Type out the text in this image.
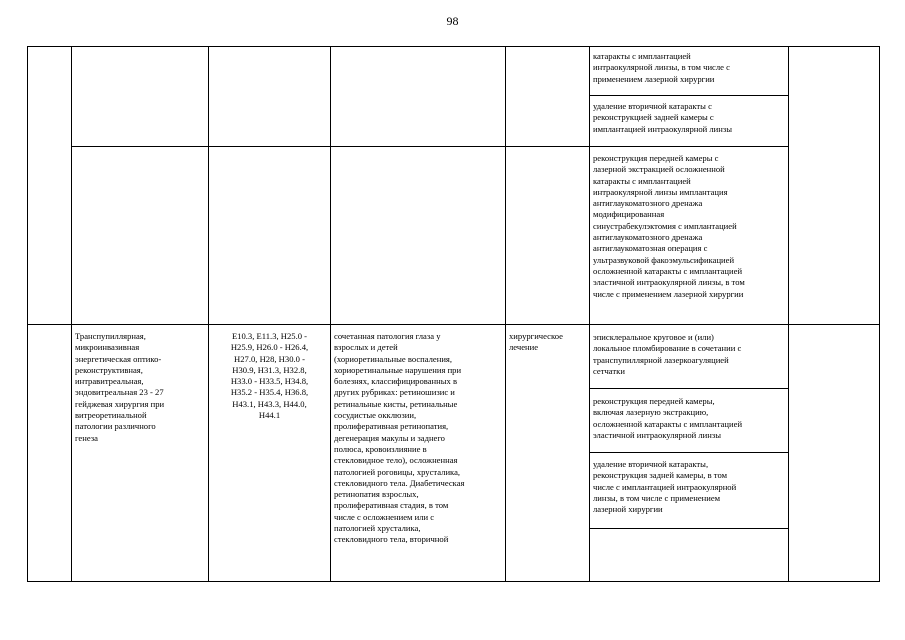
98
катаракты с имплантацией
интраокулярной линзы, в том числе с
применением лазерной хирургии
удаление вторичной катаракты с
реконструкцией задней камеры с
имплантацией интраокулярной линзы
реконструкция передней камеры с
лазерной экстракцией осложненной
катаракты с имплантацией
интраокулярной линзы имплантация
антиглаукоматозного дренажа
модифицированная
синустрабекулэктомия с имплантацией
антиглаукоматозного дренажа
антиглаукоматозная операция с
ультразвуковой факоэмульсификацией
осложненной катаракты с имплантацией
эластичной интраокулярной линзы, в том
числе с применением лазерной хирургии
Транспупиллярная,
микроинвазивная
энергетическая оптико-
реконструктивная,
интравитреальная,
эндовитреальная 23 - 27
гейджевая хирургия при
витреоретинальной
патологии различного
генеза
E10.3, E11.3, H25.0 -
H25.9, H26.0 - H26.4,
H27.0, H28, H30.0 -
H30.9, H31.3, H32.8,
H33.0 - H33.5, H34.8,
H35.2 - H35.4, H36.8,
H43.1, H43.3, H44.0,
H44.1
сочетанная патология глаза у
взрослых и детей
(хориоретинальные воспаления,
хориоретинальные нарушения при
болезнях, классифицированных в
других рубриках: ретиношизис и
ретинальные кисты, ретинальные
сосудистые окклюзии,
пролиферативная ретинопатия,
дегенерация макулы и заднего
полюса, кровоизлияние в
стекловидное тело), осложненная
патологией роговицы, хрусталика,
стекловидного тела. Диабетическая
ретинопатия взрослых,
пролиферативная стадия, в том
числе с осложнением или с
патологией хрусталика,
стекловидного тела, вторичной
хирургическое
лечение
эписклеральное круговое и (или)
локальное пломбирование в сочетании с
транспупиллярной лазеркоагуляцией
сетчатки
реконструкция передней камеры,
включая лазерную экстракцию,
осложненной катаракты с имплантацией
эластичной интраокулярной линзы
удаление вторичной катаракты,
реконструкция задней камеры, в том
числе с имплантацией интраокулярной
линзы, в том числе с применением
лазерной хирургии
